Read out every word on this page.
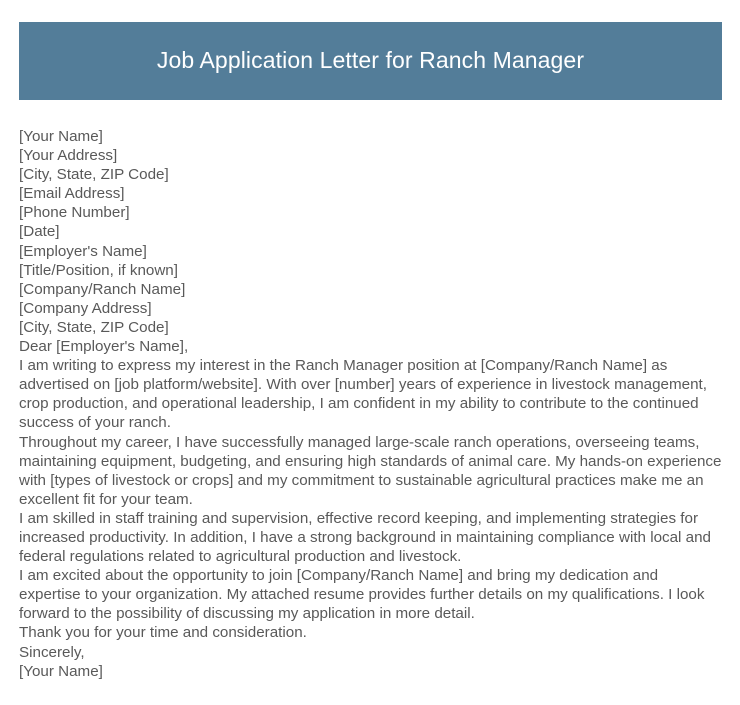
Job Application Letter for Ranch Manager
[Your Name]
[Your Address]
[City, State, ZIP Code]
[Email Address]
[Phone Number]
[Date]
[Employer's Name]
[Title/Position, if known]
[Company/Ranch Name]
[Company Address]
[City, State, ZIP Code]
Dear [Employer's Name],
I am writing to express my interest in the Ranch Manager position at [Company/Ranch Name] as advertised on [job platform/website]. With over [number] years of experience in livestock management, crop production, and operational leadership, I am confident in my ability to contribute to the continued success of your ranch.
Throughout my career, I have successfully managed large-scale ranch operations, overseeing teams, maintaining equipment, budgeting, and ensuring high standards of animal care. My hands-on experience with [types of livestock or crops] and my commitment to sustainable agricultural practices make me an excellent fit for your team.
I am skilled in staff training and supervision, effective record keeping, and implementing strategies for increased productivity. In addition, I have a strong background in maintaining compliance with local and federal regulations related to agricultural production and livestock.
I am excited about the opportunity to join [Company/Ranch Name] and bring my dedication and expertise to your organization. My attached resume provides further details on my qualifications. I look forward to the possibility of discussing my application in more detail.
Thank you for your time and consideration.
Sincerely,
[Your Name]
